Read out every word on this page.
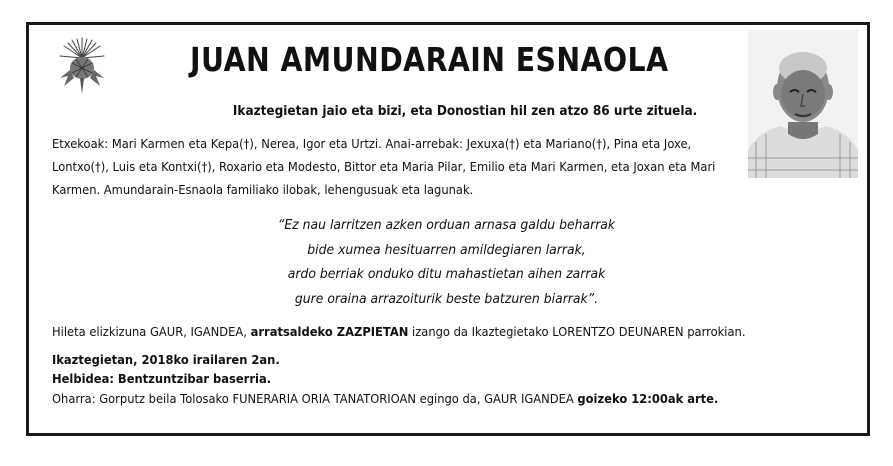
JUAN AMUNDARAIN ESNAOLA
Ikaztegietan jaio eta bizi, eta Donostian hil zen atzo 86 urte zituela.

Etxekoak: Mari Karmen eta Kepa(†), Nerea, Igor eta Urtzi. Anai-arrebak: Jexuxa(†) eta Mariano(†), Pina eta Joxe, Lontxo(†), Luis eta Kontxi(†), Roxario eta Modesto, Bittor eta Maria Pilar, Emilio eta Mari Karmen, eta Joxan eta Mari Karmen. Amundarain-Esnaola familiako ilobak, lehengusuak eta lagunak.

“Ez nau larritzen azken orduan arnasa galdu beharrak
bide xumea hesituarren amildegiaren larrak,
ardo berriak onduko ditu mahastietan aihen zarrak
gure oraina arrazoiturik beste batzuren biarrak”.
Hileta elizkizuna GAUR, IGANDEA, arratsaldeko ZAZPIETAN izango da Ikaztegietako LORENTZO DEUNAREN parrokian.
Ikaztegietan, 2018ko irailaren 2an.
Helbidea: Bentzuntzibar baserria.
Oharra: Gorputz beila Tolosako FUNERARIA ORIA TANATORIOAN egingo da, GAUR IGANDEA goizeko 12:00ak arte.
